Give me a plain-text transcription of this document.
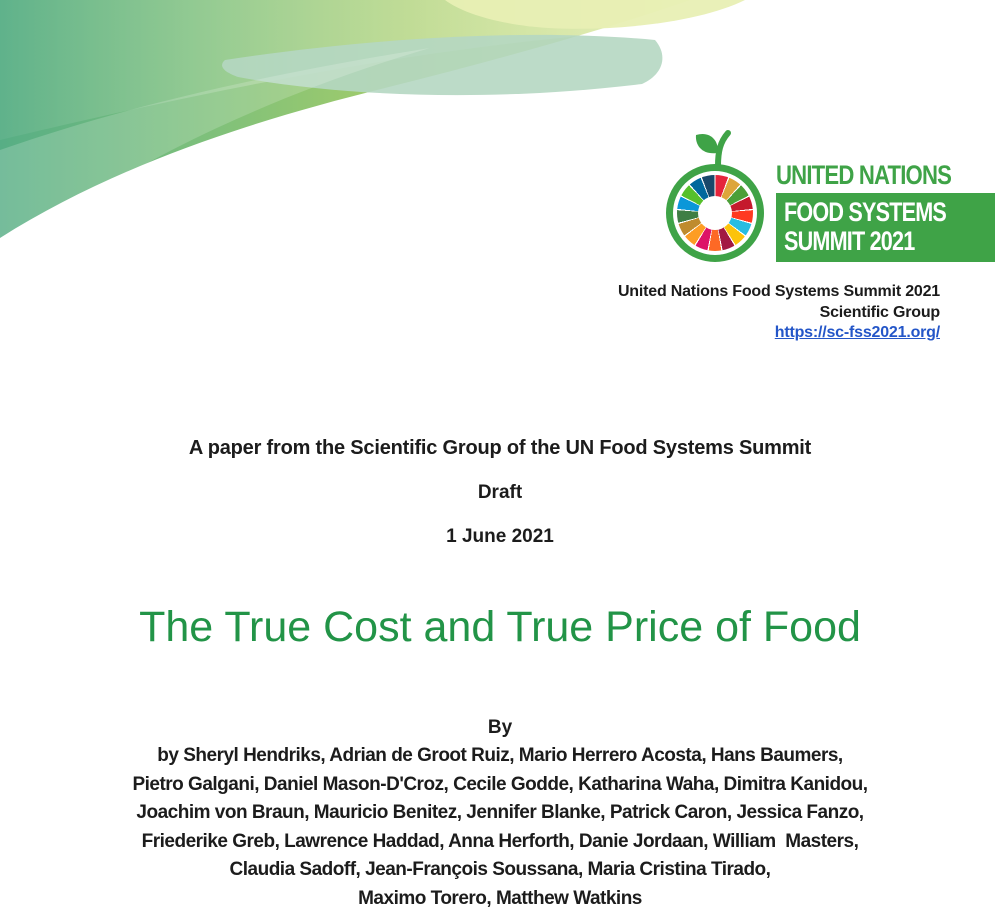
UNITED NATIONS
FOOD SYSTEMS
SUMMIT 2021
United Nations Food Systems Summit 2021
Scientific Group
https://sc-fss2021.org/
A paper from the Scientific Group of the UN Food Systems Summit
Draft
1 June 2021
The True Cost and True Price of Food
By
by Sheryl Hendriks, Adrian de Groot Ruiz, Mario Herrero Acosta, Hans Baumers,
Pietro Galgani, Daniel Mason-D'Croz, Cecile Godde, Katharina Waha, Dimitra Kanidou,
Joachim von Braun, Mauricio Benitez, Jennifer Blanke, Patrick Caron, Jessica Fanzo,
Friederike Greb, Lawrence Haddad, Anna Herforth, Danie Jordaan, William  Masters,
Claudia Sadoff, Jean-François Soussana, Maria Cristina Tirado,
Maximo Torero, Matthew Watkins
